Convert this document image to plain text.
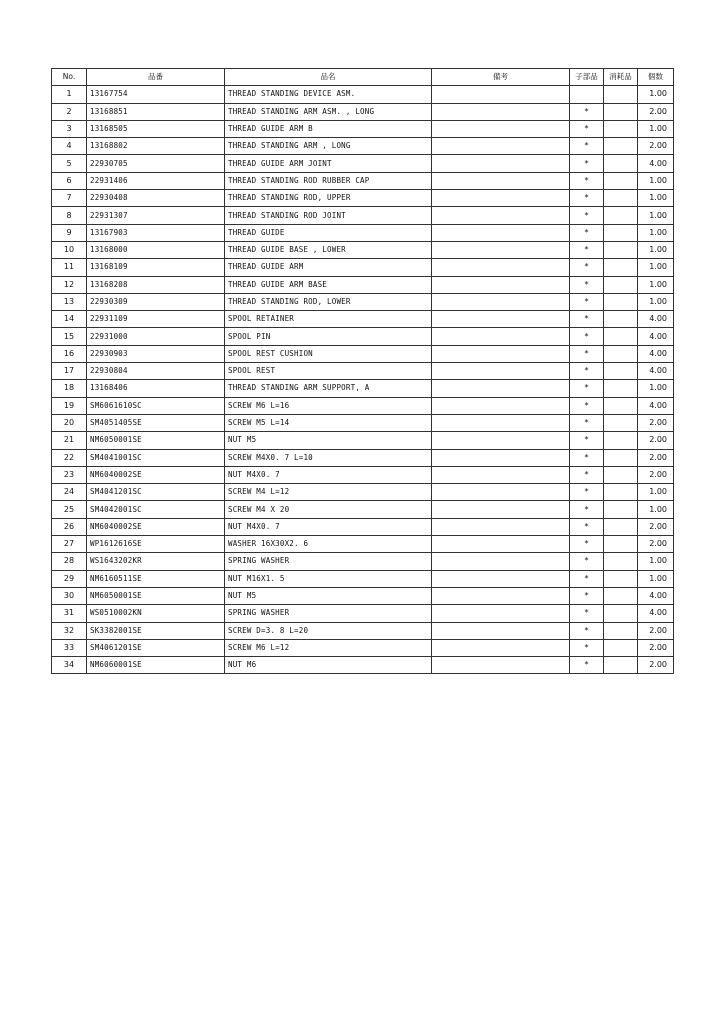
No.	品番	品名	備考	子部品	消耗品	個数
1	13167754	THREAD STANDING DEVICE ASM.				1.00
2	13168851	THREAD STANDING ARM ASM. , LONG		*		2.00
3	13168505	THREAD GUIDE ARM B		*		1.00
4	13168802	THREAD STANDING ARM , LONG		*		2.00
5	22930705	THREAD GUIDE ARM JOINT		*		4.00
6	22931406	THREAD STANDING ROD RUBBER CAP		*		1.00
7	22930408	THREAD STANDING ROD, UPPER		*		1.00
8	22931307	THREAD STANDING ROD JOINT		*		1.00
9	13167903	THREAD GUIDE		*		1.00
10	13168000	THREAD GUIDE BASE , LOWER		*		1.00
11	13168109	THREAD GUIDE ARM		*		1.00
12	13168208	THREAD GUIDE ARM BASE		*		1.00
13	22930309	THREAD STANDING ROD, LOWER		*		1.00
14	22931109	SPOOL RETAINER		*		4.00
15	22931000	SPOOL PIN		*		4.00
16	22930903	SPOOL REST CUSHION		*		4.00
17	22930804	SPOOL REST		*		4.00
18	13168406	THREAD STANDING ARM SUPPORT, A		*		1.00
19	SM6061610SC	SCREW M6 L=16		*		4.00
20	SM4051405SE	SCREW M5 L=14		*		2.00
21	NM6050001SE	NUT M5		*		2.00
22	SM4041001SC	SCREW M4X0. 7 L=10		*		2.00
23	NM6040002SE	NUT M4X0. 7		*		2.00
24	SM4041201SC	SCREW M4 L=12		*		1.00
25	SM4042001SC	SCREW M4 X 20		*		1.00
26	NM6040002SE	NUT M4X0. 7		*		2.00
27	WP1612616SE	WASHER 16X30X2. 6		*		2.00
28	WS1643202KR	SPRING WASHER		*		1.00
29	NM6160511SE	NUT M16X1. 5		*		1.00
30	NM6050001SE	NUT M5		*		4.00
31	WS0510002KN	SPRING WASHER		*		4.00
32	SK3382001SE	SCREW D=3. 8 L=20		*		2.00
33	SM4061201SE	SCREW M6 L=12		*		2.00
34	NM6060001SE	NUT M6		*		2.00
